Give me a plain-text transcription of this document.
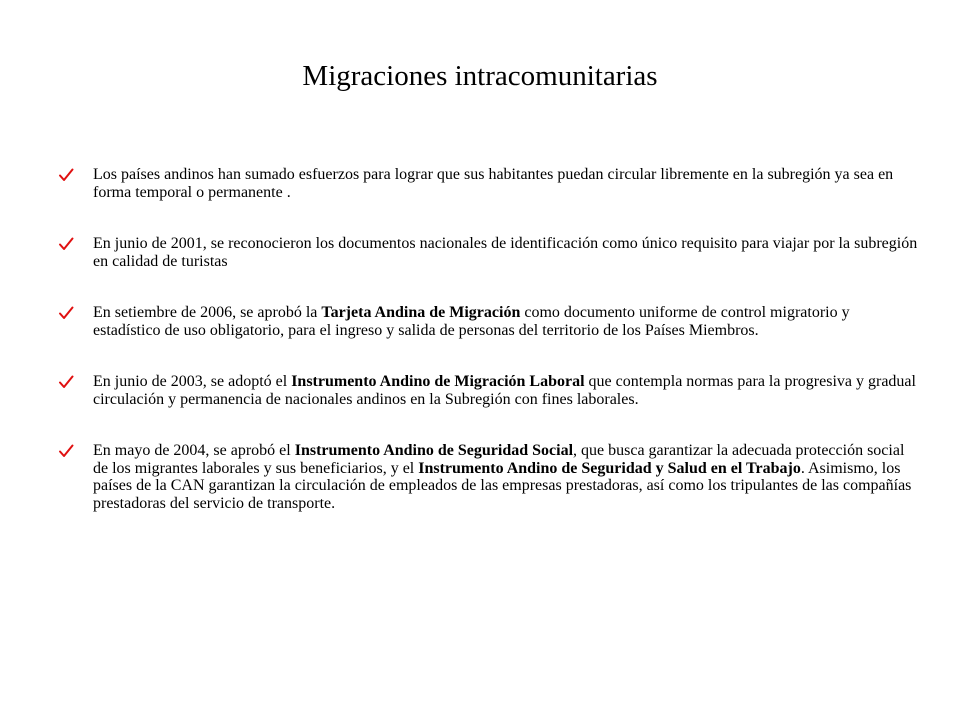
Migraciones intracomunitarias
Los países andinos han sumado esfuerzos para lograr que sus habitantes puedan circular libremente en la subregión ya sea en forma temporal o permanente .
En junio de 2001, se reconocieron los documentos nacionales de identificación como único requisito para viajar por la subregión en calidad de turistas
En setiembre de 2006, se aprobó la Tarjeta Andina de Migración como documento uniforme de control migratorio y estadístico de uso obligatorio, para el ingreso y salida de personas del territorio de los Países Miembros.
En junio de 2003, se adoptó el Instrumento Andino de Migración Laboral que contempla normas para la progresiva y gradual circulación y permanencia de nacionales andinos en la Subregión con fines laborales.
En mayo de 2004, se aprobó el Instrumento Andino de Seguridad Social, que busca garantizar la adecuada protección social de los migrantes laborales y sus beneficiarios, y el Instrumento Andino de Seguridad y Salud en el Trabajo. Asimismo, los países de la CAN garantizan la circulación de empleados de las empresas prestadoras, así como los tripulantes de las compañías prestadoras del servicio de transporte.
